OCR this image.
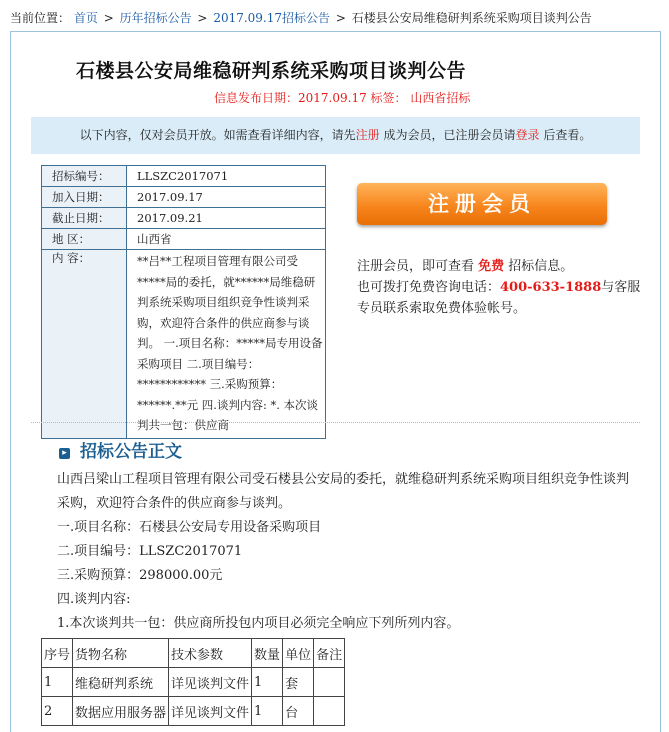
当前位置： 首页 > 历年招标公告 > 2017.09.17招标公告 > 石楼县公安局维稳研判系统采购项目谈判公告
石楼县公安局维稳研判系统采购项目谈判公告
信息发布日期：2017.09.17 标签： 山西省招标
以下内容，仅对会员开放。如需查看详细内容，请先注册 成为会员，已注册会员请登录 后查看。
招标编号：	LLSZC2017071
加入日期：	2017.09.17
截止日期：	2017.09.21
地 区：	山西省
内 容：	**吕**工程项目管理有限公司受*****局的委托，就******局维稳研判系统采购项目组织竞争性谈判采购，欢迎符合条件的供应商参与谈判。 一.项目名称：*****局专用设备采购项目 二.项目编号：************ 三.采购预算：******.**元 四.谈判内容: *. 本次谈判共一包：供应商
注册会员
注册会员，即可查看 免费 招标信息。
也可拨打免费咨询电话：400-633-1888与客服专员联系索取免费体验帐号。
▸ 招标公告正文

山西吕梁山工程项目管理有限公司受石楼县公安局的委托，就维稳研判系统采购项目组织竞争性谈判采购，欢迎符合条件的供应商参与谈判。

一.项目名称：石楼县公安局专用设备采购项目

二.项目编号：LLSZC2017071

三.采购预算：298000.00元

四.谈判内容:

1.本次谈判共一包：供应商所投包内项目必须完全响应下列所列内容。

序号	货物名称	技术参数	数量	单位	备注
1	维稳研判系统	详见谈判文件	1	套	
2	数据应用服务器	详见谈判文件	1	台	
